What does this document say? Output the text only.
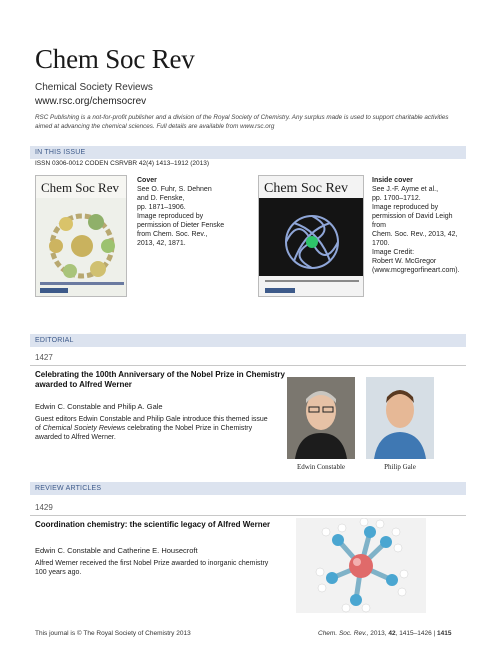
Chem Soc Rev
Chemical Society Reviews
www.rsc.org/chemsocrev
RSC Publishing is a not-for-profit publisher and a division of the Royal Society of Chemistry. Any surplus made is used to support charitable activities aimed at advancing the chemical sciences. Full details are available from www.rsc.org
IN THIS ISSUE
ISSN 0306-0012 CODEN CSRVBR 42(4) 1413–1912 (2013)
Chem Soc Rev	Cover
See O. Fuhr, S. Dehnen
and D. Fenske,
pp. 1871–1906.
Image reproduced by
permission of Dieter Fenske
from Chem. Soc. Rev.,
2013, 42, 1871.
Chem Soc Rev
Inside cover
See J.-F. Ayme et al.,
pp. 1700–1712.
Image reproduced by
permission of David Leigh from
Chem. Soc. Rev., 2013, 42, 1700.
Image Credit:
Robert W. McGregor
(www.mcgregorfineart.com).
EDITORIAL
1427
Celebrating the 100th Anniversary of the Nobel Prize in Chemistry awarded to Alfred Werner
Edwin C. Constable and Philip A. Gale
Guest editors Edwin Constable and Philip Gale introduce this themed issue of Chemical Society Reviews celebrating the Nobel Prize in Chemistry awarded to Alfred Werner.
Edwin Constable	Philip Gale
REVIEW ARTICLES
1429
Coordination chemistry: the scientific legacy of Alfred Werner
Edwin C. Constable and Catherine E. Housecroft
Alfred Werner received the first Nobel Prize awarded to inorganic chemistry 100 years ago.
This journal is © The Royal Society of Chemistry 2013	Chem. Soc. Rev., 2013, 42, 1415–1426 | 1415
